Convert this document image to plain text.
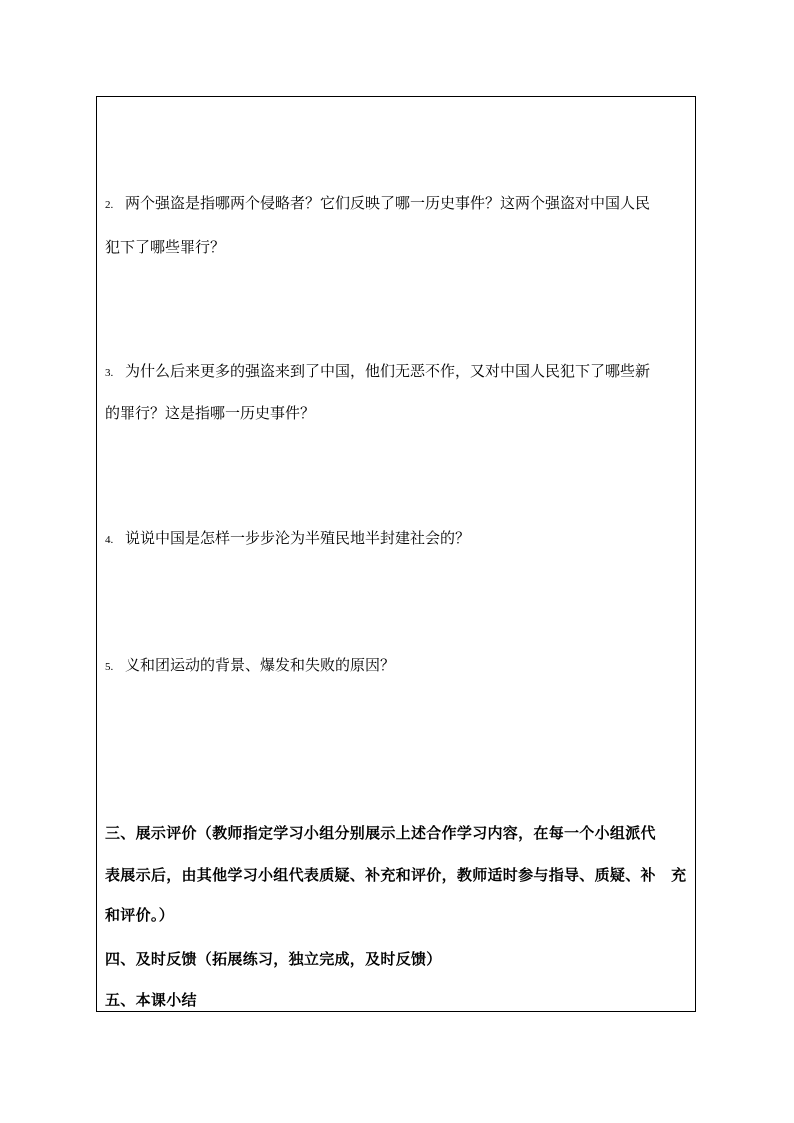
2. 两个强盗是指哪两个侵略者？它们反映了哪一历史事件？这两个强盗对中国人民
犯下了哪些罪行？
3. 为什么后来更多的强盗来到了中国，他们无恶不作，又对中国人民犯下了哪些新
的罪行？这是指哪一历史事件？
4. 说说中国是怎样一步步沦为半殖民地半封建社会的？
5. 义和团运动的背景、爆发和失败的原因？
三、展示评价（教师指定学习小组分别展示上述合作学习内容，在每一个小组派代
表展示后，由其他学习小组代表质疑、补充和评价，教师适时参与指导、质疑、补　充
和评价。）
四、及时反馈（拓展练习，独立完成，及时反馈）
五、本课小结
